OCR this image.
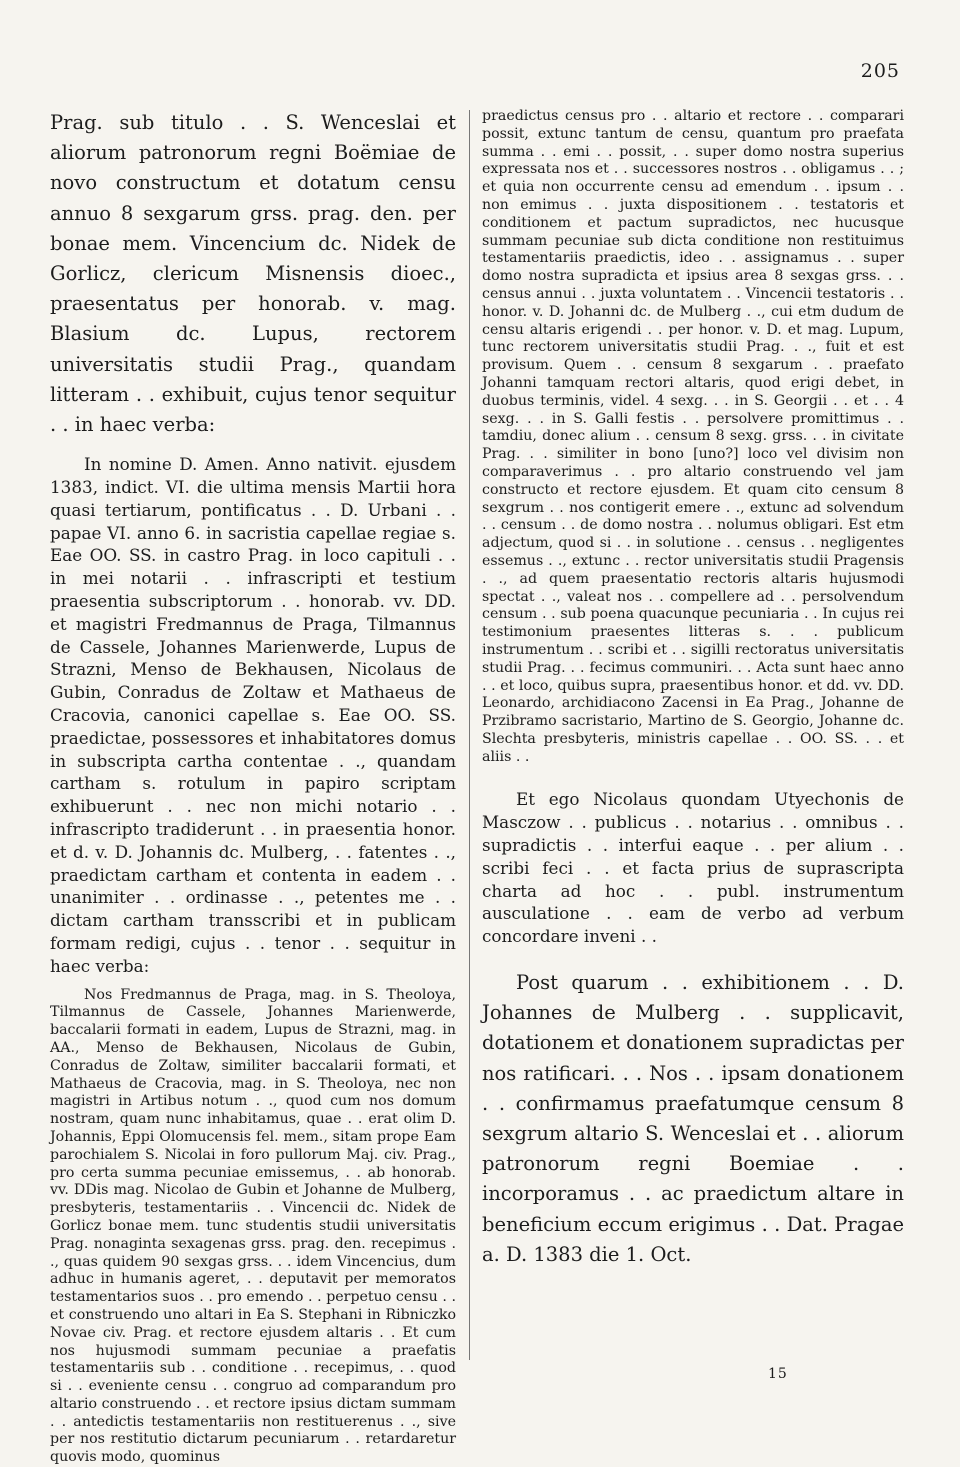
205

Prag. sub titulo . . S. Wenceslai et aliorum patronorum regni Boëmiae de novo constructum et dotatum censu annuo 8 sexgarum grss. prag. den. per bonae mem. Vincencium dc. Nidek de Gorlicz, clericum Misnensis dioec., praesentatus per honorab. v. mag. Blasium dc. Lupus, rectorem universitatis studii Prag., quandam litteram . . exhibuit, cujus tenor sequitur . . in haec verba:

In nomine D. Amen. Anno nativit. ejusdem 1383, indict. VI. die ultima mensis Martii hora quasi tertiarum, pontificatus . . D. Urbani . . papae VI. anno 6. in sacristia capellae regiae s. Eae OO. SS. in castro Prag. in loco capituli . . in mei notarii . . infrascripti et testium praesentia subscriptorum . . honorab. vv. DD. et magistri Fredmannus de Praga, Tilmannus de Cassele, Johannes Marienwerde, Lupus de Strazni, Menso de Bekhausen, Nicolaus de Gubin, Conradus de Zoltaw et Mathaeus de Cracovia, canonici capellae s. Eae OO. SS. praedictae, possessores et inhabitatores domus in subscripta cartha contentae . ., quandam cartham s. rotulum in papiro scriptam exhibuerunt . . nec non michi notario . . infrascripto tradiderunt . . in praesentia honor. et d. v. D. Johannis dc. Mulberg, . . fatentes . ., praedictam cartham et contenta in eadem . . unanimiter . . ordinasse . ., petentes me . . dictam cartham transscribi et in publicam formam redigi, cujus . . tenor . . sequitur in haec verba:

Nos Fredmannus de Praga, mag. in S. Theoloya, Tilmannus de Cassele, Johannes Marienwerde, baccalarii formati in eadem, Lupus de Strazni, mag. in AA., Menso de Bekhausen, Nicolaus de Gubin, Conradus de Zoltaw, similiter baccalarii formati, et Mathaeus de Cracovia, mag. in S. Theoloya, nec non magistri in Artibus notum . ., quod cum nos domum nostram, quam nunc inhabitamus, quae . . erat olim D. Johannis, Eppi Olomucensis fel. mem., sitam prope Eam parochialem S. Nicolai in foro pullorum Maj. civ. Prag., pro certa summa pecuniae emissemus, . . ab honorab. vv. DDis mag. Nicolao de Gubin et Johanne de Mulberg, presbyteris, testamentariis . . Vincencii dc. Nidek de Gorlicz bonae mem. tunc studentis studii universitatis Prag. nonaginta sexagenas grss. prag. den. recepimus . ., quas quidem 90 sexgas grss. . . idem Vincencius, dum adhuc in humanis ageret, . . deputavit per memoratos testamentarios suos . . pro emendo . . perpetuo censu . . et construendo uno altari in Ea S. Stephani in Ribniczko Novae civ. Prag. et rectore ejusdem altaris . . Et cum nos hujusmodi summam pecuniae a praefatis testamentariis sub . . conditione . . recepimus, . . quod si . . eveniente censu . . congruo ad comparandum pro altario construendo . . et rectore ipsius dictam summam . . antedictis testamentariis non restituerenus . ., sive per nos restitutio dictarum pecuniarum . . retardaretur quovis modo, quominus

praedictus census pro . . altario et rectore . . comparari possit, extunc tantum de censu, quantum pro praefata summa . . emi . . possit, . . super domo nostra superius expressata nos et . . successores nostros . . obligamus . . ; et quia non occurrente censu ad emendum . . ipsum . . non emimus . . juxta dispositionem . . testatoris et conditionem et pactum supradictos, nec hucusque summam pecuniae sub dicta conditione non restituimus testamentariis praedictis, ideo . . assignamus . . super domo nostra supradicta et ipsius area 8 sexgas grss. . . census annui . . juxta voluntatem . . Vincencii testatoris . . honor. v. D. Johanni dc. de Mulberg . ., cui etm dudum de censu altaris erigendi . . per honor. v. D. et mag. Lupum, tunc rectorem universitatis studii Prag. . ., fuit et est provisum. Quem . . censum 8 sexgarum . . praefato Johanni tamquam rectori altaris, quod erigi debet, in duobus terminis, videl. 4 sexg. . . in S. Georgii . . et . . 4 sexg. . . in S. Galli festis . . persolvere promittimus . . tamdiu, donec alium . . censum 8 sexg. grss. . . in civitate Prag. . . similiter in bono [uno?] loco vel divisim non comparaverimus . . pro altario construendo vel jam constructo et rectore ejusdem. Et quam cito censum 8 sexgrum . . nos contigerit emere . ., extunc ad solvendum . . censum . . de domo nostra . . nolumus obligari. Est etm adjectum, quod si . . in solutione . . census . . negligentes essemus . ., extunc . . rector universitatis studii Pragensis . ., ad quem praesentatio rectoris altaris hujusmodi spectat . ., valeat nos . . compellere ad . . persolvendum censum . . sub poena quacunque pecuniaria . . In cujus rei testimonium praesentes litteras s. . . publicum instrumentum . . scribi et . . sigilli rectoratus universitatis studii Prag. . . fecimus communiri. . . Acta sunt haec anno . . et loco, quibus supra, praesentibus honor. et dd. vv. DD. Leonardo, archidiacono Zacensi in Ea Prag., Johanne de Przibramo sacristario, Martino de S. Georgio, Johanne dc. Slechta presbyteris, ministris capellae . . OO. SS. . . et aliis . .

Et ego Nicolaus quondam Utyechonis de Masczow . . publicus . . notarius . . omnibus . . supradictis . . interfui eaque . . per alium . . scribi feci . . et facta prius de suprascripta charta ad hoc . . publ. instrumentum ausculatione . . eam de verbo ad verbum concordare inveni . .

Post quarum . . exhibitionem . . D. Johannes de Mulberg . . supplicavit, dotationem et donationem supradictas per nos ratificari. . . Nos . . ipsam donationem . . confirmamus praefatumque censum 8 sexgrum altario S. Wenceslai et . . aliorum patronorum regni Boemiae . . incorporamus . . ac praedictum altare in beneficium eccum erigimus . . Dat. Pragae a. D. 1383 die 1. Oct.

15
